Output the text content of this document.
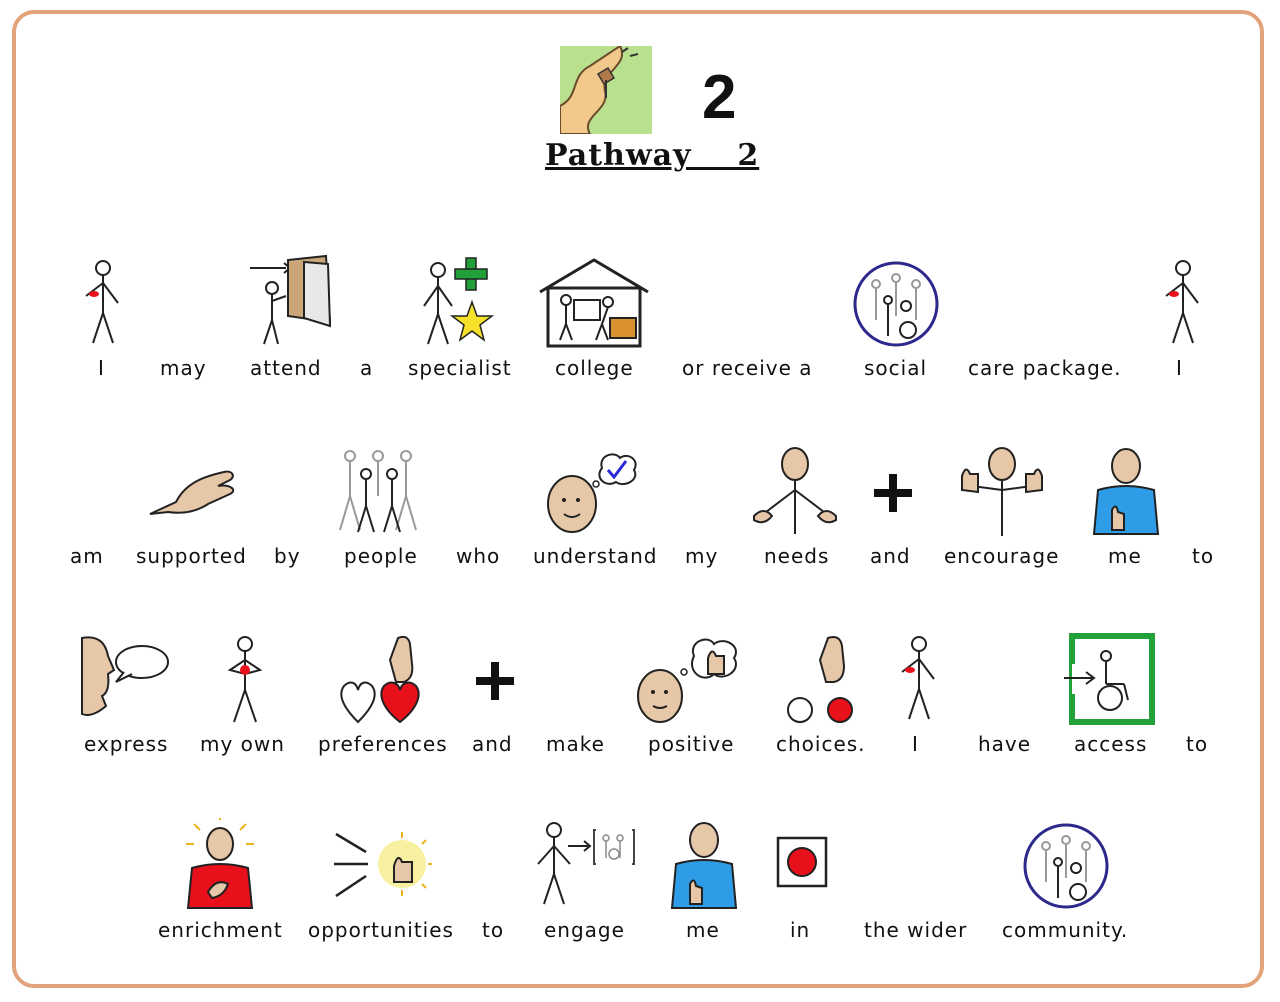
2
Pathway    2
I	may attend a specialist college or receive a	social care package.	I
am supported by people who understand my needs and encourage me	to
express my own preferences and make positive choices. I	have access to
enrichment opportunities to engage	me	in	the wider community.
